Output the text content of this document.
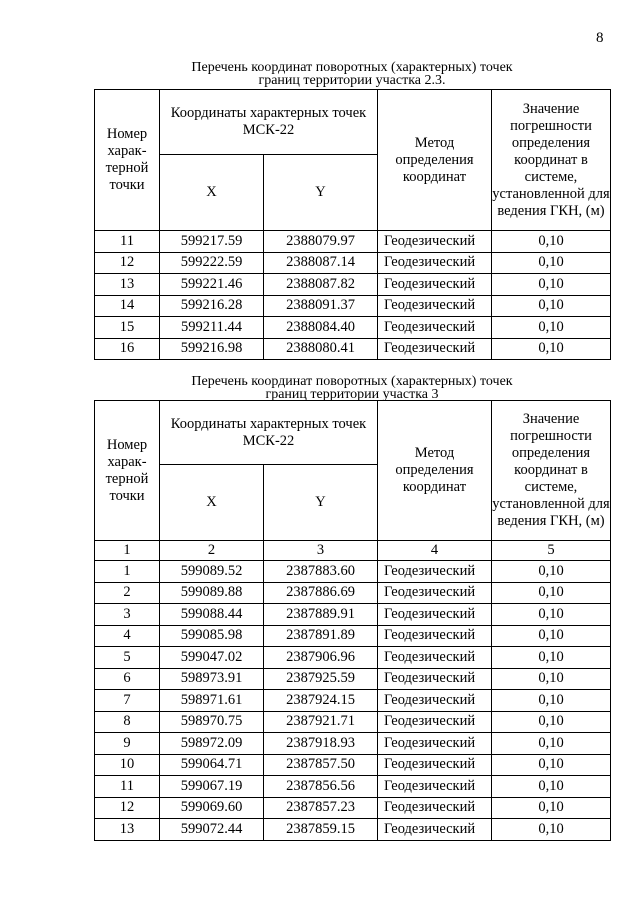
8
Перечень координат поворотных (характерных) точек
границ территории участка 2.3.
Номер харак-терной точки	Координаты характерных точек МСК-22		Метод определения координат	Значение погрешности определения координат в системе, установленной для ведения ГКН, (м)
	X	Y		
11	599217.59	2388079.97	Геодезический	0,10
12	599222.59	2388087.14	Геодезический	0,10
13	599221.46	2388087.82	Геодезический	0,10
14	599216.28	2388091.37	Геодезический	0,10
15	599211.44	2388084.40	Геодезический	0,10
16	599216.98	2388080.41	Геодезический	0,10
Перечень координат поворотных (характерных) точек
границ территории участка 3
Номер харак-терной точки	Координаты характерных точек МСК-22		Метод определения координат	Значение погрешности определения координат в системе, установленной для ведения ГКН, (м)
	X	Y		
1	2	3	4	5
1	599089.52	2387883.60	Геодезический	0,10
2	599089.88	2387886.69	Геодезический	0,10
3	599088.44	2387889.91	Геодезический	0,10
4	599085.98	2387891.89	Геодезический	0,10
5	599047.02	2387906.96	Геодезический	0,10
6	598973.91	2387925.59	Геодезический	0,10
7	598971.61	2387924.15	Геодезический	0,10
8	598970.75	2387921.71	Геодезический	0,10
9	598972.09	2387918.93	Геодезический	0,10
10	599064.71	2387857.50	Геодезический	0,10
11	599067.19	2387856.56	Геодезический	0,10
12	599069.60	2387857.23	Геодезический	0,10
13	599072.44	2387859.15	Геодезический	0,10
